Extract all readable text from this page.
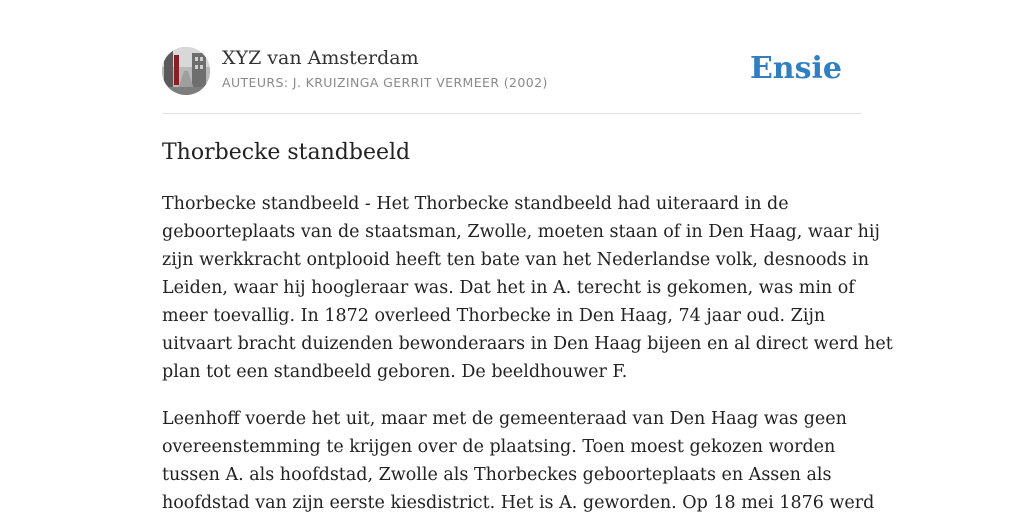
XYZ van Amsterdam
AUTEURS: J. KRUIZINGA GERRIT VERMEER (2002)	Ensie
Thorbecke standbeeld

Thorbecke standbeeld - Het Thorbecke standbeeld had uiteraard in de
geboorteplaats van de staatsman, Zwolle, moeten staan of in Den Haag, waar hij
zijn werkkracht ontplooid heeft ten bate van het Nederlandse volk, desnoods in
Leiden, waar hij hoogleraar was. Dat het in A. terecht is gekomen, was min of
meer toevallig. In 1872 overleed Thorbecke in Den Haag, 74 jaar oud. Zijn
uitvaart bracht duizenden bewonderaars in Den Haag bijeen en al direct werd het
plan tot een standbeeld geboren. De beeldhouwer F.

Leenhoff voerde het uit, maar met de gemeenteraad van Den Haag was geen
overeenstemming te krijgen over de plaatsing. Toen moest gekozen worden
tussen A. als hoofdstad, Zwolle als Thorbeckes geboorteplaats en Assen als
hoofdstad van zijn eerste kiesdistrict. Het is A. geworden. Op 18 mei 1876 werd
